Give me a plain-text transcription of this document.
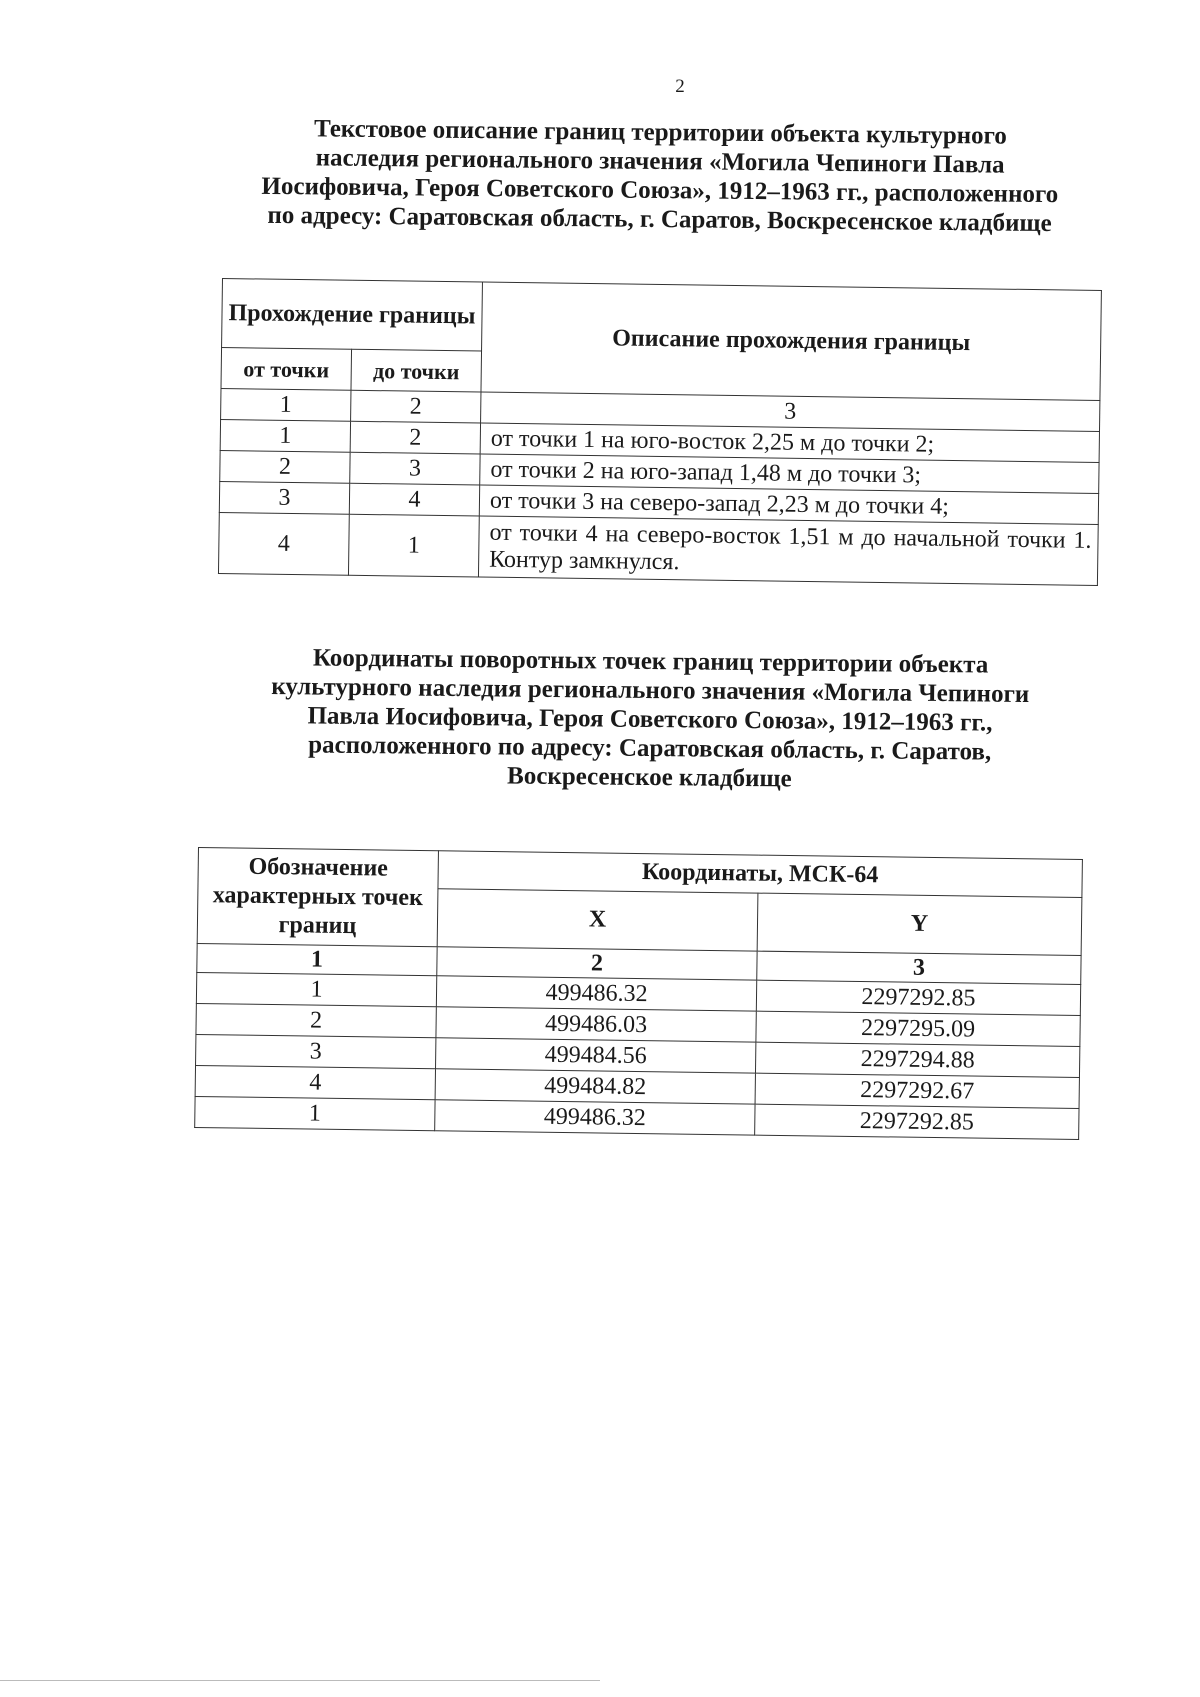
2
Текстовое описание границ территории объекта культурного
наследия регионального значения «Могила Чепиноги Павла
Иосифовича, Героя Советского Союза», 1912–1963 гг., расположенного
по адресу: Саратовская область, г. Саратов, Воскресенское кладбище
Прохождение границы		Описание прохождения границы
от точки	до точки	
1	2	3
1	2	от точки 1 на юго-восток 2,25 м до точки 2;
2	3	от точки 2 на юго-запад 1,48 м до точки 3;
3	4	от точки 3 на северо-запад 2,23 м до точки 4;
4	1	от точки 4 на северо-восток 1,51 м до начальной точки 1. Контур замкнулся.
Координаты поворотных точек границ территории объекта
культурного наследия регионального значения «Могила Чепиноги
Павла Иосифовича, Героя Советского Союза», 1912–1963 гг.,
расположенного по адресу: Саратовская область, г. Саратов,
Воскресенское кладбище
Обозначение характерных точек границ	Координаты, МСК-64	
	X	Y
1	2	3
1	499486.32	2297292.85
2	499486.03	2297295.09
3	499484.56	2297294.88
4	499484.82	2297292.67
1	499486.32	2297292.85
